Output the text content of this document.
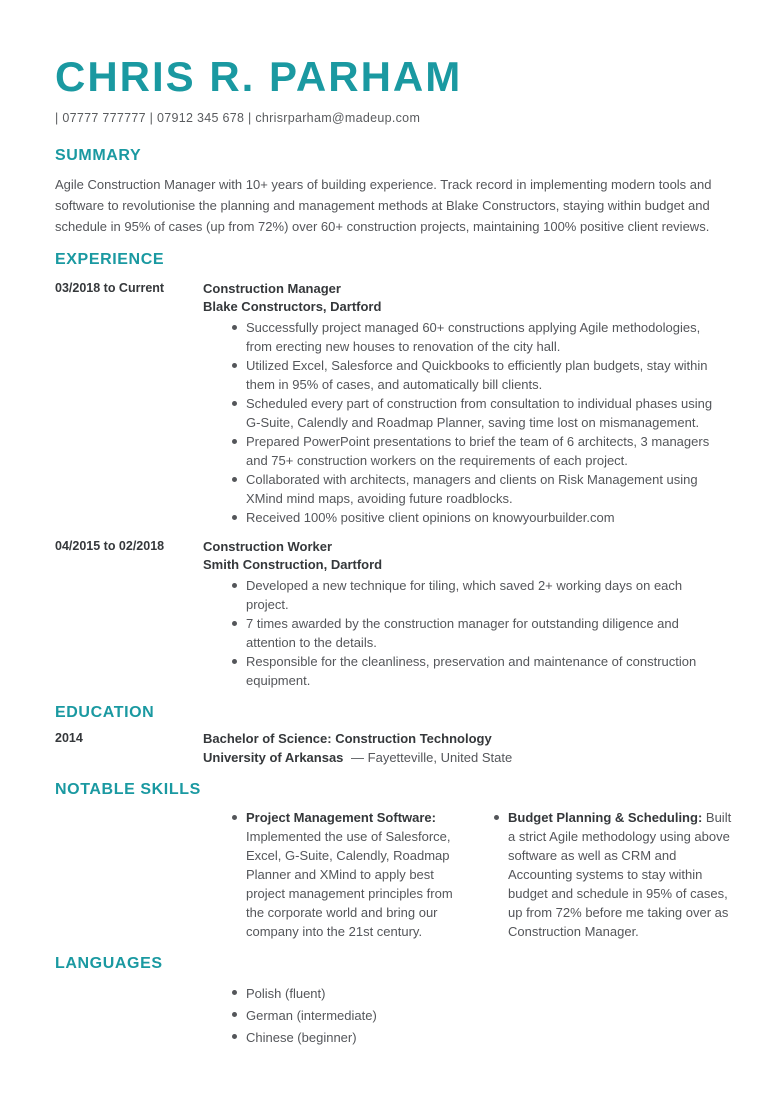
CHRIS R. PARHAM
| 07777 777777 | 07912 345 678 | chrisrparham@madeup.com
SUMMARY

Agile Construction Manager with 10+ years of building experience. Track record in implementing modern tools and software to revolutionise the planning and management methods at Blake Constructors, staying within budget and schedule in 95% of cases (up from 72%) over 60+ construction projects, maintaining 100% positive client reviews.

EXPERIENCE
03/2018 to Current	Construction Manager
Blake Constructors, Dartford
Successfully project managed 60+ constructions applying Agile methodologies, from erecting new houses to renovation of the city hall.
Utilized Excel, Salesforce and Quickbooks to efficiently plan budgets, stay within them in 95% of cases, and automatically bill clients.
Scheduled every part of construction from consultation to individual phases using G-Suite, Calendly and Roadmap Planner, saving time lost on mismanagement.
Prepared PowerPoint presentations to brief the team of 6 architects, 3 managers and 75+ construction workers on the requirements of each project.
Collaborated with architects, managers and clients on Risk Management using XMind mind maps, avoiding future roadblocks.
Received 100% positive client opinions on knowyourbuilder.com
04/2015 to 02/2018	Construction Worker
Smith Construction, Dartford
Developed a new technique for tiling, which saved 2+ working days on each project.
7 times awarded by the construction manager for outstanding diligence and attention to the details.
Responsible for the cleanliness, preservation and maintenance of construction equipment.
EDUCATION
2014	Bachelor of Science: Construction Technology
University of Arkansas — Fayetteville, United State
NOTABLE SKILLS
Project Management Software: Implemented the use of Salesforce, Excel, G-Suite, Calendly, Roadmap Planner and XMind to apply best project management principles from the corporate world and bring our company into the 21st century.
Budget Planning & Scheduling: Built a strict Agile methodology using above software as well as CRM and Accounting systems to stay within budget and schedule in 95% of cases, up from 72% before me taking over as Construction Manager.
LANGUAGES
Polish (fluent)
German (intermediate)
Chinese (beginner)
